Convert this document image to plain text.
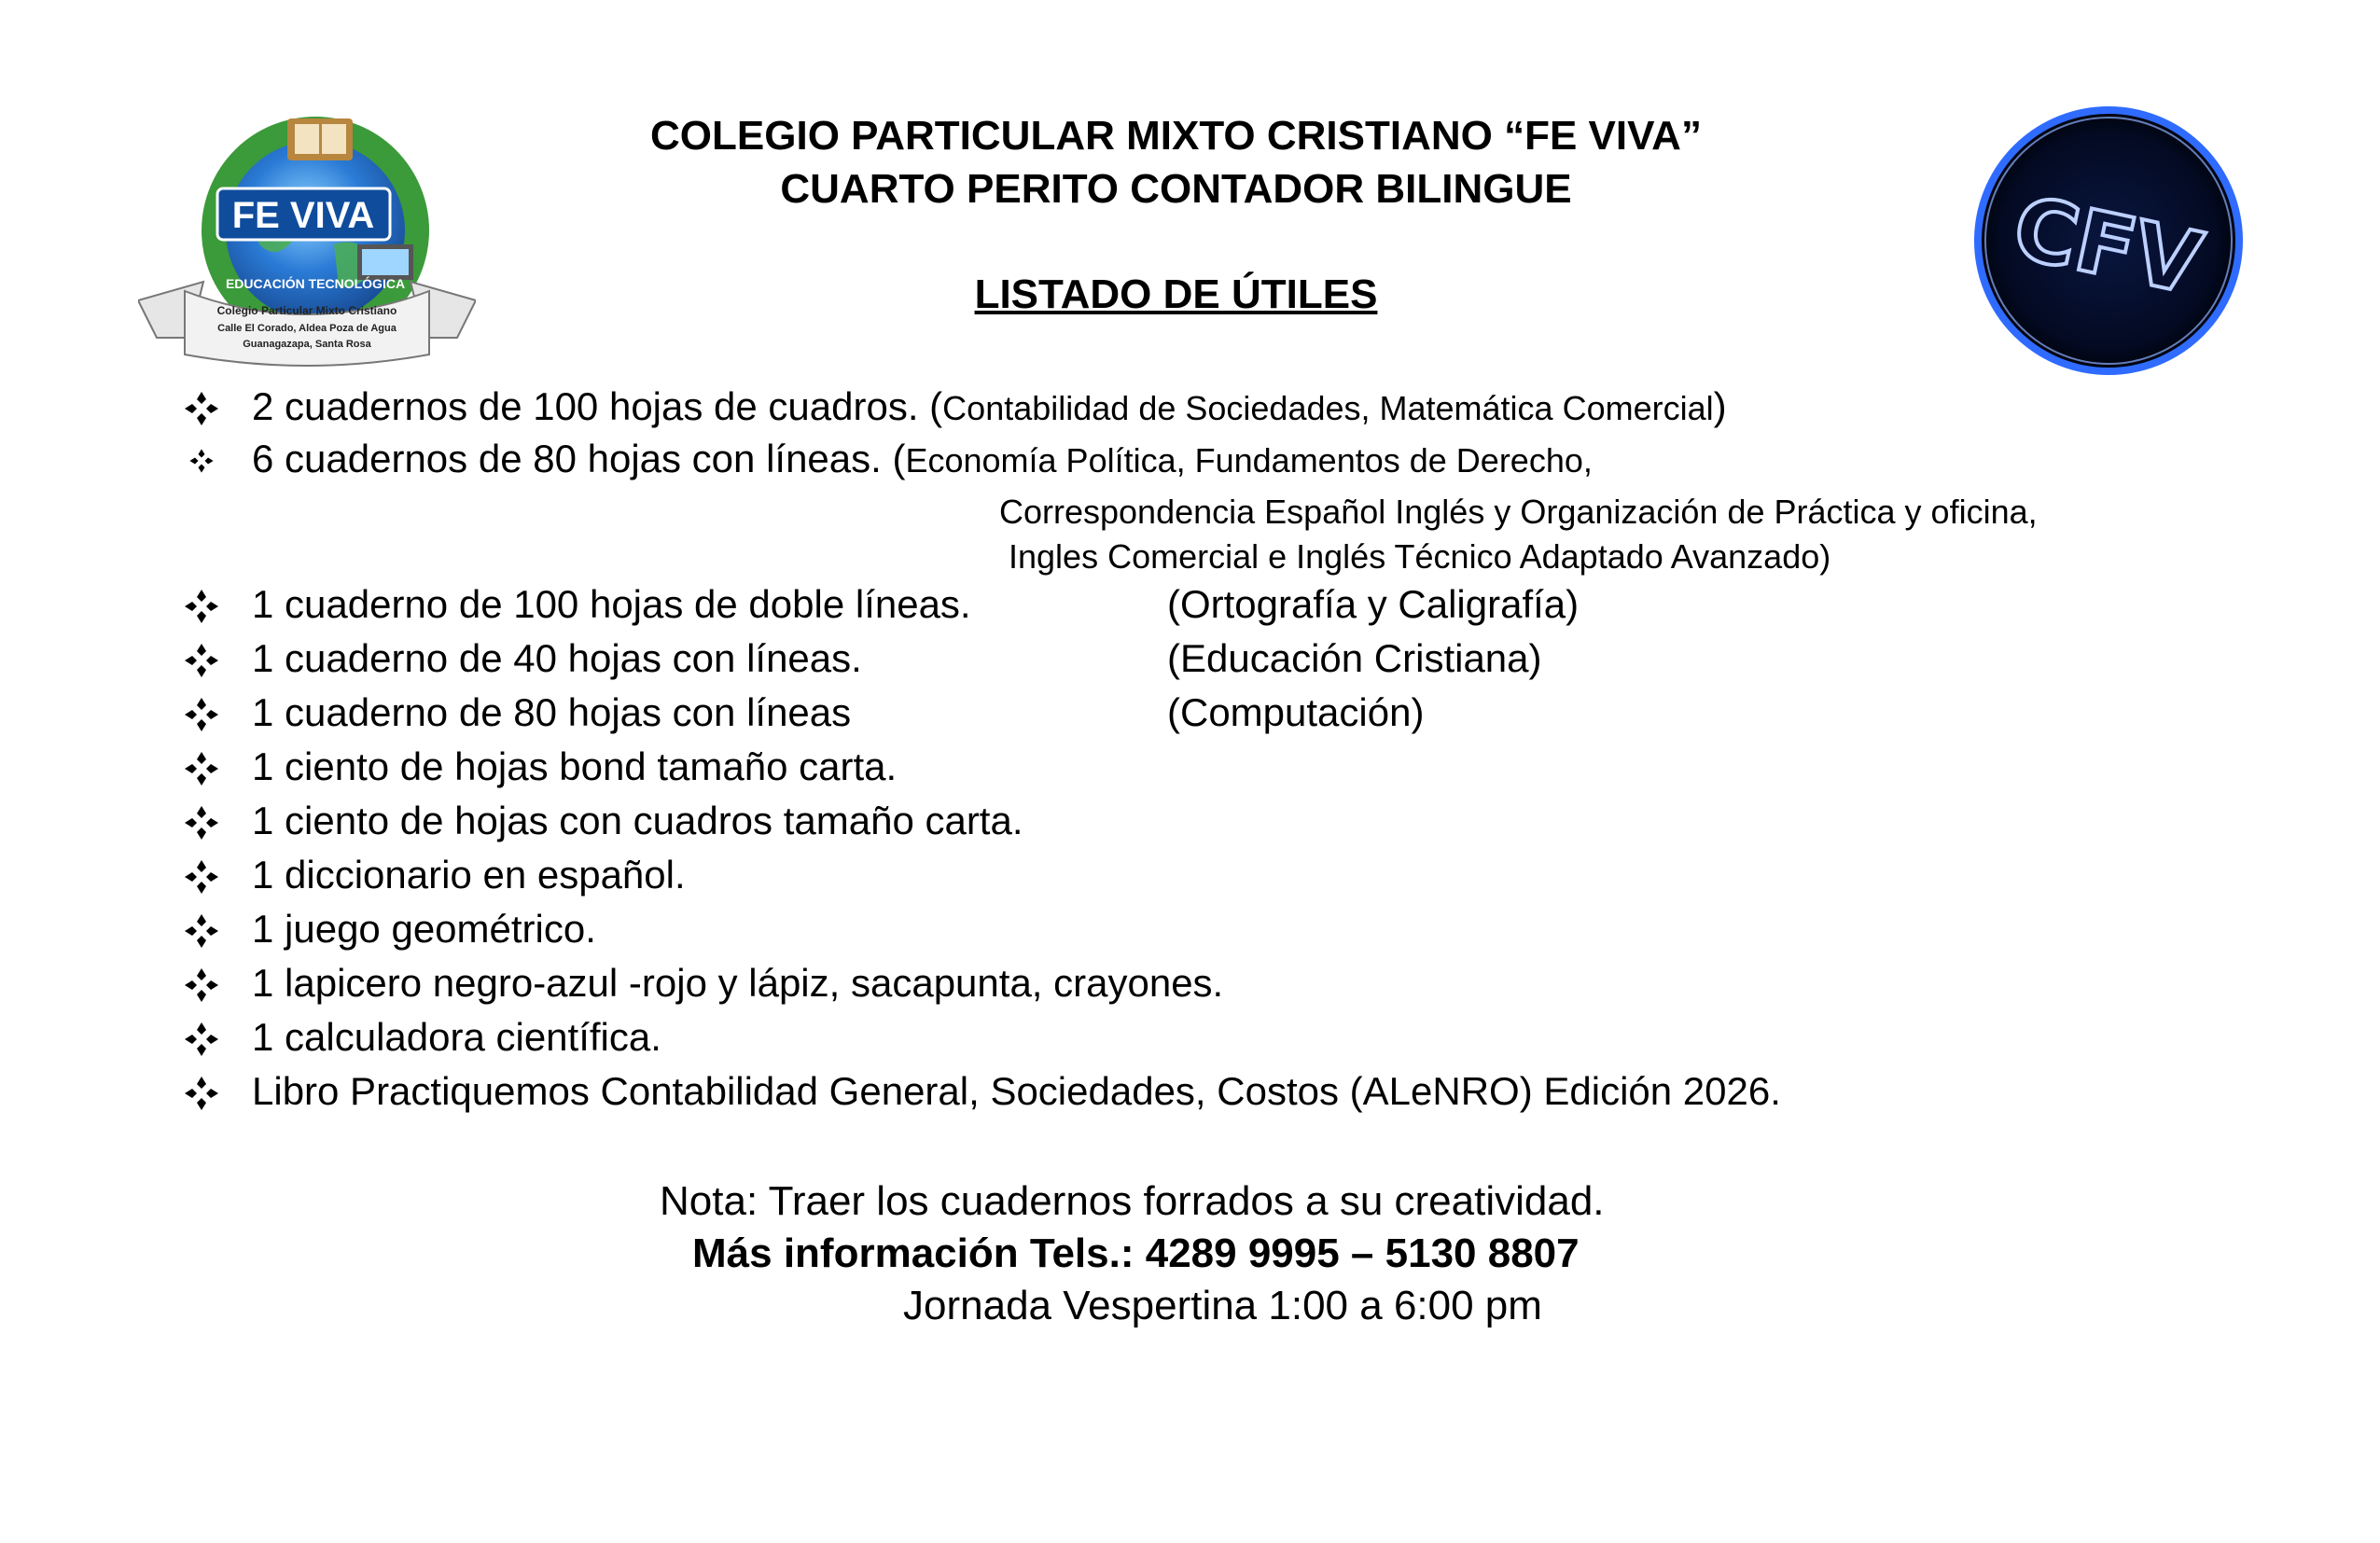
Colegio Particular Mixto Cristiano
Calle El Corado, Aldea Poza de Agua
Guanagazapa, Santa Rosa
FE VIVA
EDUCACIÓN TECNOLÓGICA	CFV
COLEGIO PARTICULAR MIXTO CRISTIANO “FE VIVA”
CUARTO PERITO CONTADOR BILINGUE
LISTADO DE ÚTILES
2 cuadernos de 100 hojas de cuadros. (Contabilidad de Sociedades, Matemática Comercial)
6 cuadernos de 80 hojas con líneas. (Economía Política, Fundamentos de Derecho,
Correspondencia Español Inglés y Organización de Práctica y oficina,
Ingles Comercial e Inglés Técnico Adaptado Avanzado)
1 cuaderno de 100 hojas de doble líneas.	(Ortografía y Caligrafía)
1 cuaderno de 40 hojas con líneas.	(Educación Cristiana)
1 cuaderno de 80 hojas con líneas	(Computación)
1 ciento de hojas bond tamaño carta.
1 ciento de hojas con cuadros tamaño carta.
1 diccionario en español.
1 juego geométrico.
1 lapicero negro-azul -rojo y lápiz, sacapunta, crayones.
1 calculadora científica.
Libro Practiquemos Contabilidad General, Sociedades, Costos (ALeNRO) Edición 2026.
Nota: Traer los cuadernos forrados a su creatividad.
Más información Tels.: 4289 9995 – 5130 8807
Jornada Vespertina 1:00 a 6:00 pm
